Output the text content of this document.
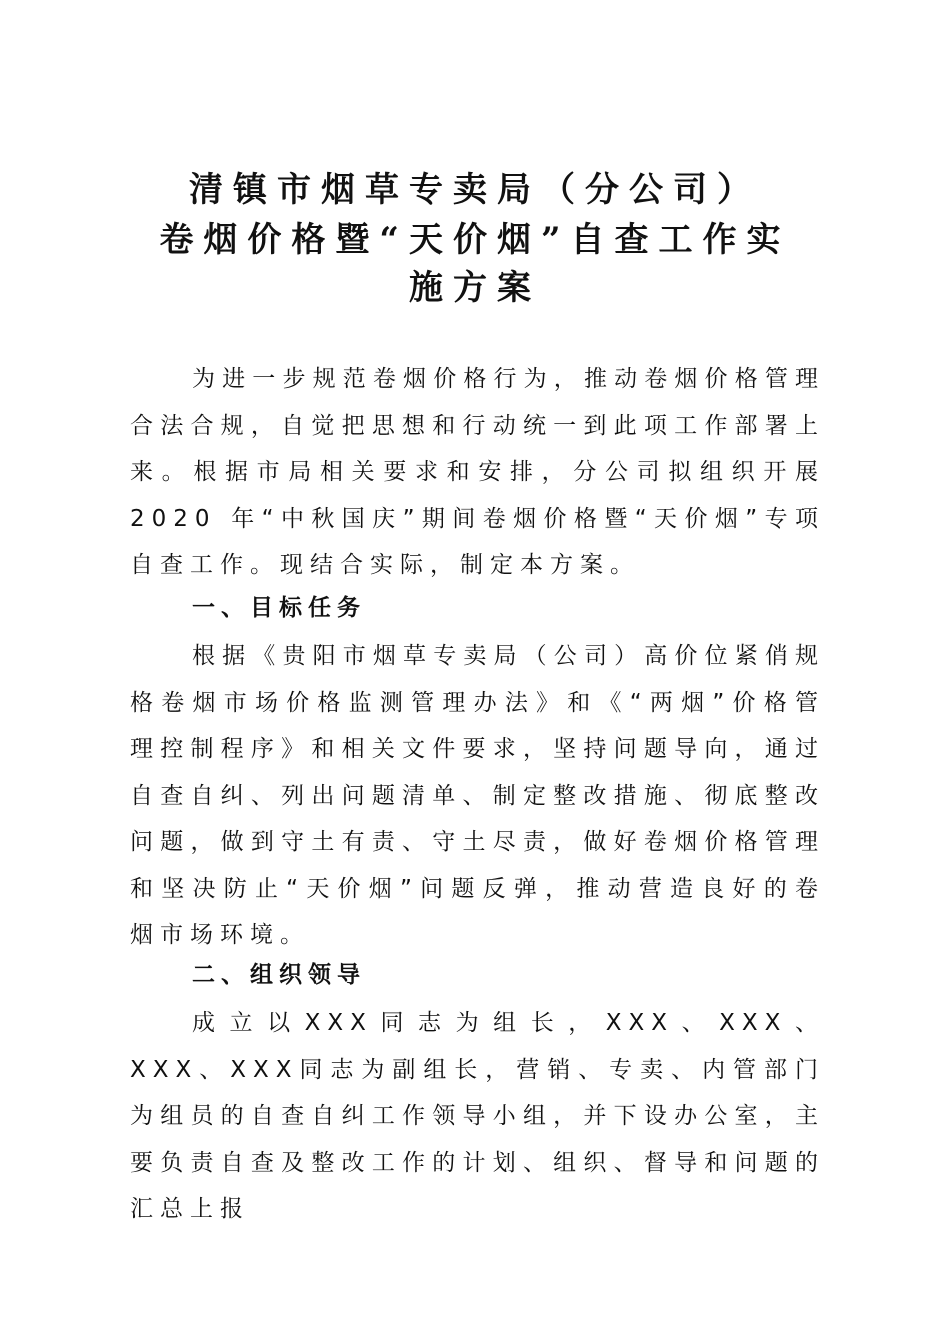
清镇市烟草专卖局（分公司）
卷烟价格暨“天价烟”自查工作实
施方案

为进一步规范卷烟价格行为，推动卷烟价格管理合法合规，自觉把思想和行动统一到此项工作部署上来。根据市局相关要求和安排，分公司拟组织开展2020 年“中秋国庆”期间卷烟价格暨“天价烟”专项自查工作。现结合实际，制定本方案。

一、目标任务

根据《贵阳市烟草专卖局（公司）高价位紧俏规格卷烟市场价格监测管理办法》和《“两烟”价格管理控制程序》和相关文件要求，坚持问题导向，通过自查自纠、列出问题清单、制定整改措施、彻底整改问题，做到守土有责、守土尽责，做好卷烟价格管理和坚决防止“天价烟”问题反弹，推动营造良好的卷烟市场环境。

二、组织领导

成立以XXX同志为组长，XXX、XXX、XXX、XXX同志为副组长，营销、专卖、内管部门为组员的自查自纠工作领导小组，并下设办公室，主要负责自查及整改工作的计划、组织、督导和问题的汇总上报
